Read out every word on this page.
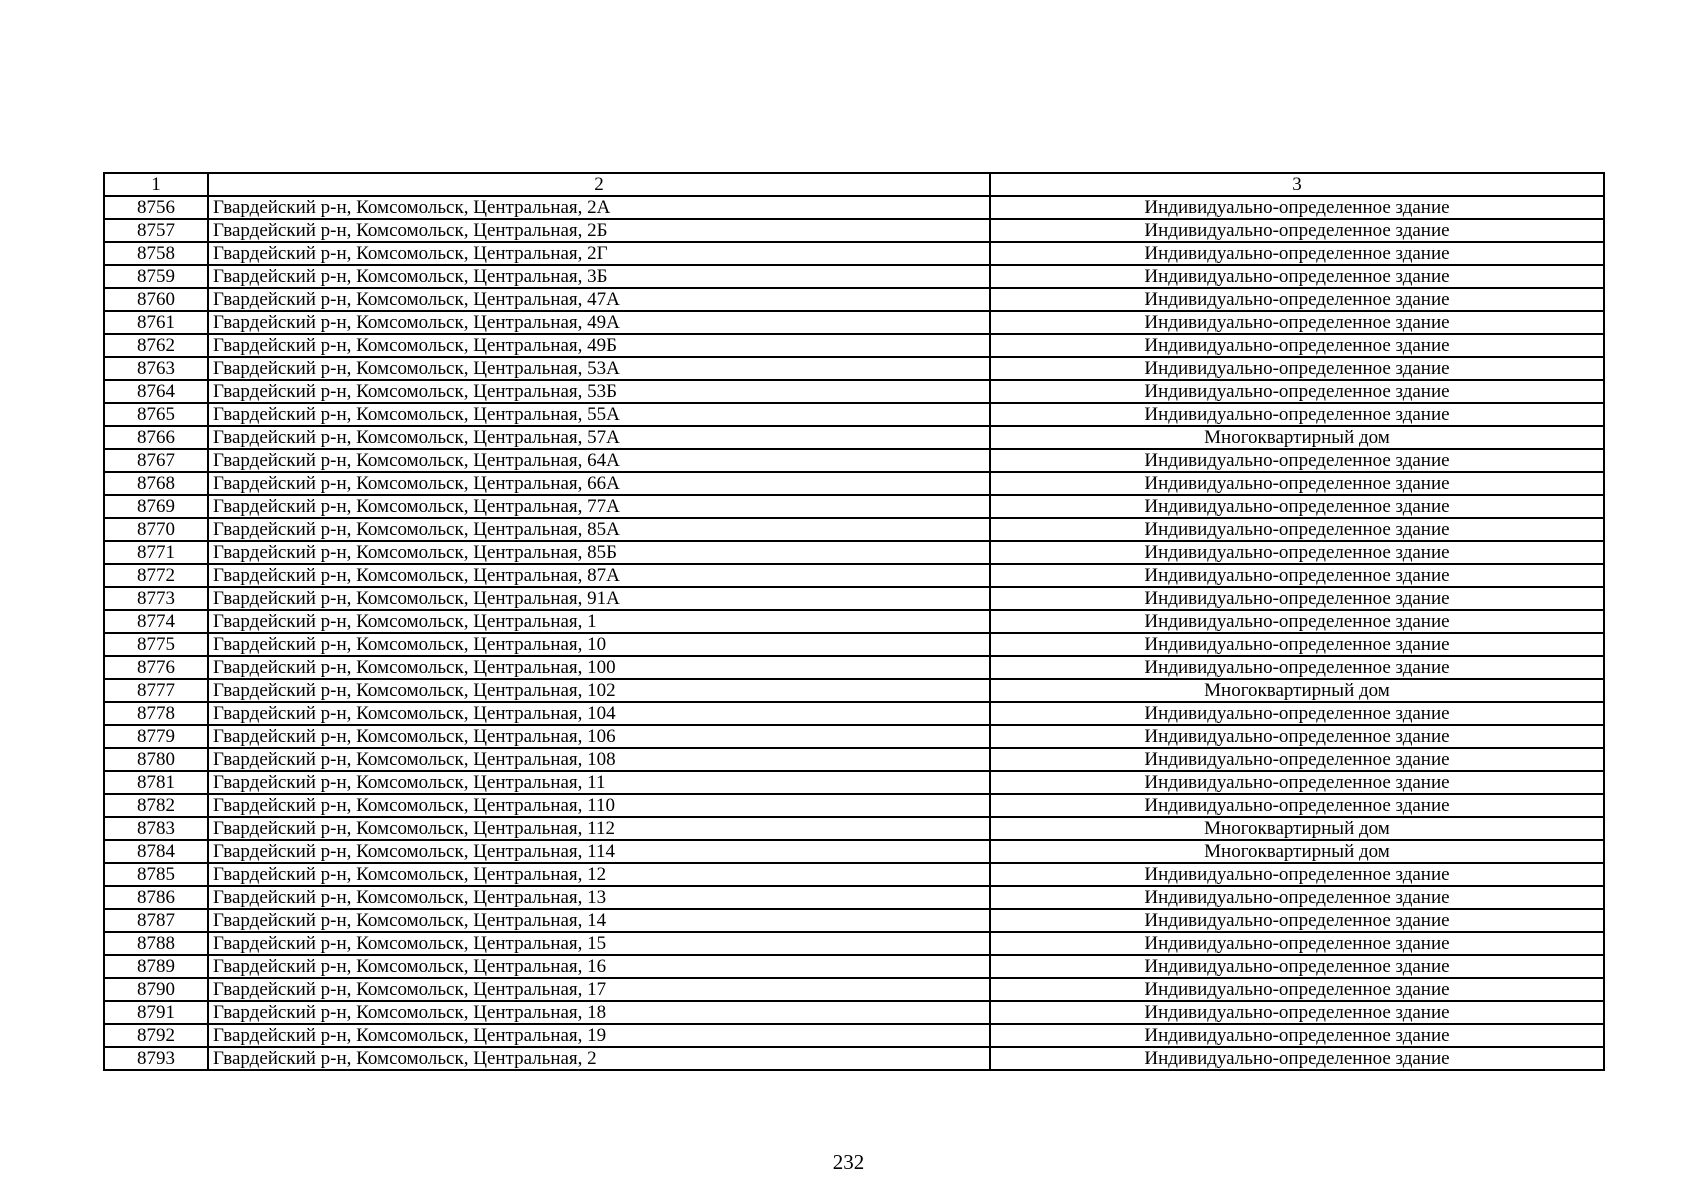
1	2	3
8756	Гвардейский р-н, Комсомольск, Центральная, 2А	Индивидуально-определенное здание
8757	Гвардейский р-н, Комсомольск, Центральная, 2Б	Индивидуально-определенное здание
8758	Гвардейский р-н, Комсомольск, Центральная, 2Г	Индивидуально-определенное здание
8759	Гвардейский р-н, Комсомольск, Центральная, 3Б	Индивидуально-определенное здание
8760	Гвардейский р-н, Комсомольск, Центральная, 47А	Индивидуально-определенное здание
8761	Гвардейский р-н, Комсомольск, Центральная, 49А	Индивидуально-определенное здание
8762	Гвардейский р-н, Комсомольск, Центральная, 49Б	Индивидуально-определенное здание
8763	Гвардейский р-н, Комсомольск, Центральная, 53А	Индивидуально-определенное здание
8764	Гвардейский р-н, Комсомольск, Центральная, 53Б	Индивидуально-определенное здание
8765	Гвардейский р-н, Комсомольск, Центральная, 55А	Индивидуально-определенное здание
8766	Гвардейский р-н, Комсомольск, Центральная, 57А	Многоквартирный дом
8767	Гвардейский р-н, Комсомольск, Центральная, 64А	Индивидуально-определенное здание
8768	Гвардейский р-н, Комсомольск, Центральная, 66А	Индивидуально-определенное здание
8769	Гвардейский р-н, Комсомольск, Центральная, 77А	Индивидуально-определенное здание
8770	Гвардейский р-н, Комсомольск, Центральная, 85А	Индивидуально-определенное здание
8771	Гвардейский р-н, Комсомольск, Центральная, 85Б	Индивидуально-определенное здание
8772	Гвардейский р-н, Комсомольск, Центральная, 87А	Индивидуально-определенное здание
8773	Гвардейский р-н, Комсомольск, Центральная, 91А	Индивидуально-определенное здание
8774	Гвардейский р-н, Комсомольск, Центральная, 1	Индивидуально-определенное здание
8775	Гвардейский р-н, Комсомольск, Центральная, 10	Индивидуально-определенное здание
8776	Гвардейский р-н, Комсомольск, Центральная, 100	Индивидуально-определенное здание
8777	Гвардейский р-н, Комсомольск, Центральная, 102	Многоквартирный дом
8778	Гвардейский р-н, Комсомольск, Центральная, 104	Индивидуально-определенное здание
8779	Гвардейский р-н, Комсомольск, Центральная, 106	Индивидуально-определенное здание
8780	Гвардейский р-н, Комсомольск, Центральная, 108	Индивидуально-определенное здание
8781	Гвардейский р-н, Комсомольск, Центральная, 11	Индивидуально-определенное здание
8782	Гвардейский р-н, Комсомольск, Центральная, 110	Индивидуально-определенное здание
8783	Гвардейский р-н, Комсомольск, Центральная, 112	Многоквартирный дом
8784	Гвардейский р-н, Комсомольск, Центральная, 114	Многоквартирный дом
8785	Гвардейский р-н, Комсомольск, Центральная, 12	Индивидуально-определенное здание
8786	Гвардейский р-н, Комсомольск, Центральная, 13	Индивидуально-определенное здание
8787	Гвардейский р-н, Комсомольск, Центральная, 14	Индивидуально-определенное здание
8788	Гвардейский р-н, Комсомольск, Центральная, 15	Индивидуально-определенное здание
8789	Гвардейский р-н, Комсомольск, Центральная, 16	Индивидуально-определенное здание
8790	Гвардейский р-н, Комсомольск, Центральная, 17	Индивидуально-определенное здание
8791	Гвардейский р-н, Комсомольск, Центральная, 18	Индивидуально-определенное здание
8792	Гвардейский р-н, Комсомольск, Центральная, 19	Индивидуально-определенное здание
8793	Гвардейский р-н, Комсомольск, Центральная, 2	Индивидуально-определенное здание
232
